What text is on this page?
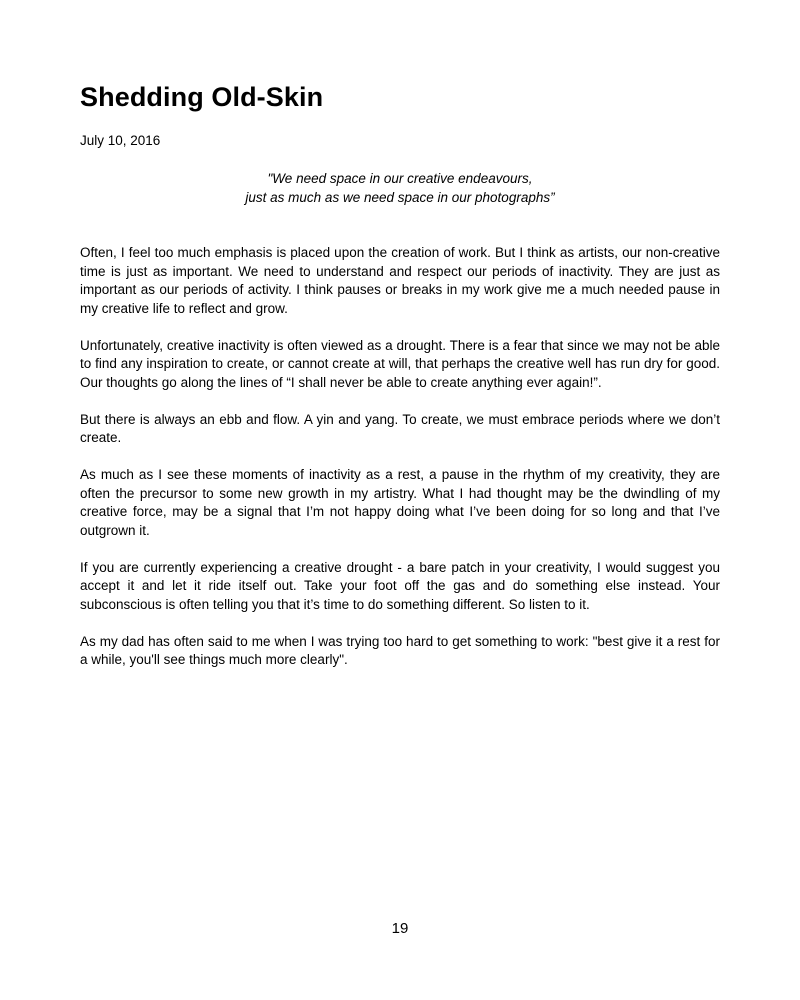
Shedding Old-Skin
July 10, 2016
"We need space in our creative endeavours,
just as much as we need space in our photographs”

Often, I feel too much emphasis is placed upon the creation of work. But I think as artists, our non-creative time is just as important. We need to understand and respect our periods of inactivity. They are just as important as our periods of activity. I think pauses or breaks in my work give me a much needed pause in my creative life to reflect and grow.

Unfortunately, creative inactivity is often viewed as a drought. There is a fear that since we may not be able to find any inspiration to create, or cannot create at will, that perhaps the creative well has run dry for good. Our thoughts go along the lines of “I shall never be able to create anything ever again!”.

But there is always an ebb and flow. A yin and yang. To create, we must embrace periods where we don’t create.

As much as I see these moments of inactivity as a rest, a pause in the rhythm of my creativity, they are often the precursor to some new growth in my artistry. What I had thought may be the dwindling of my creative force, may be a signal that I’m not happy doing what I’ve been doing for so long and that I’ve outgrown it.

If you are currently experiencing a creative drought - a bare patch in your creativity, I would suggest you accept it and let it ride itself out. Take your foot off the gas and do something else instead. Your subconscious is often telling you that it’s time to do something different. So listen to it.

As my dad has often said to me when I was trying too hard to get something to work: "best give it a rest for a while, you'll see things much more clearly".

19
